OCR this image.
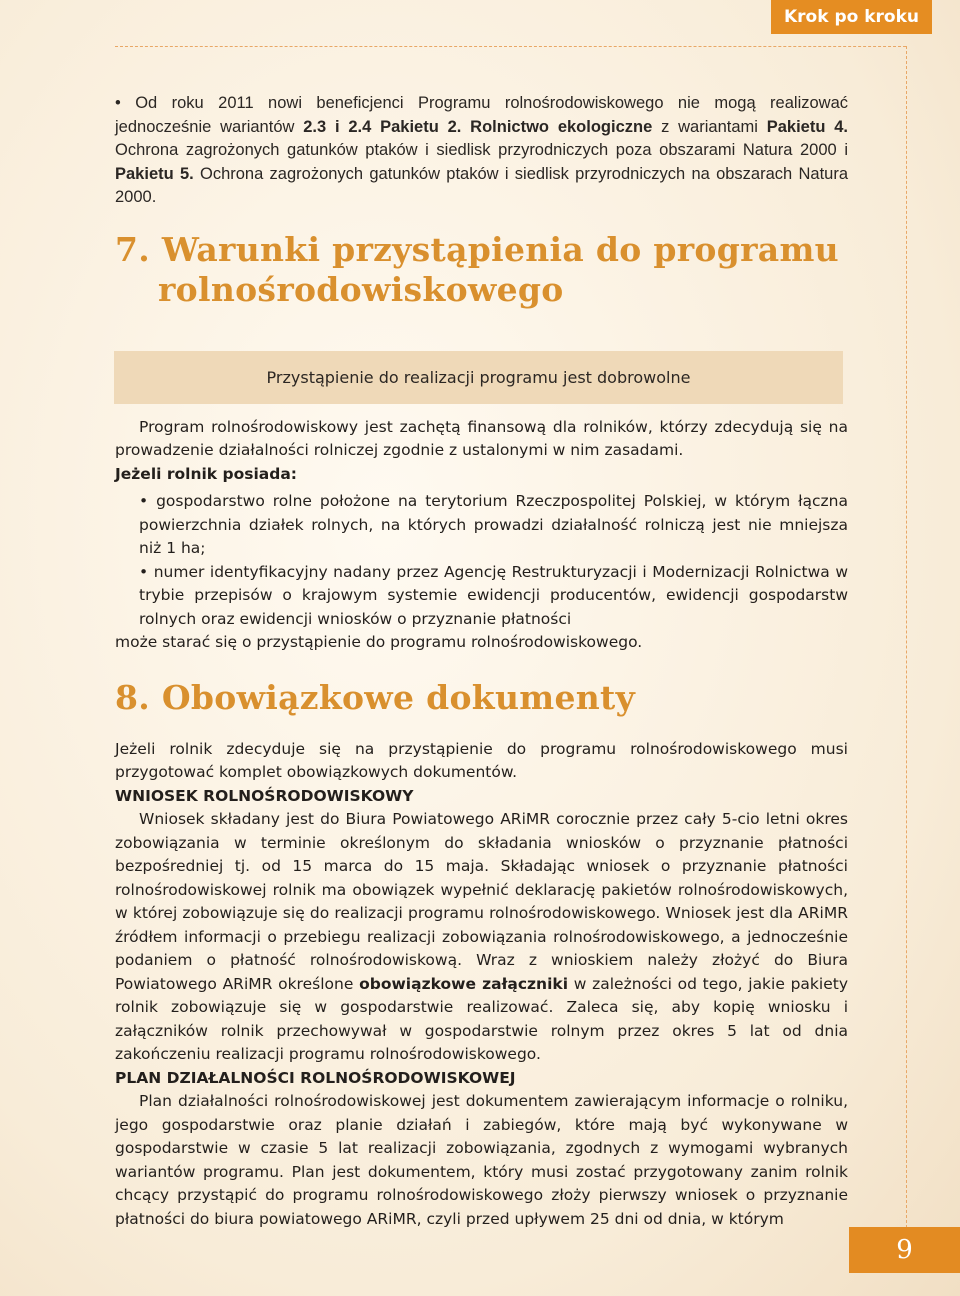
Krok po kroku

• Od roku 2011 nowi beneficjenci Programu rolnośrodowiskowego nie mogą realizować jednocześnie wariantów 2.3 i 2.4 Pakietu 2. Rolnictwo ekologiczne z wariantami Pakietu 4. Ochrona zagrożonych gatunków ptaków i siedlisk przyrodniczych poza obszarami Natura 2000 i Pakietu 5. Ochrona zagrożonych gatunków ptaków i siedlisk przyrodniczych na obszarach Natura 2000.

7. Warunki przystąpienia do programu
rolnośrodowiskowego
Przystąpienie do realizacji programu jest dobrowolne

Program rolnośrodowiskowy jest zachętą finansową dla rolników, którzy zdecydują się na prowadzenie działalności rolniczej zgodnie z ustalonymi w nim zasadami.

Jeżeli rolnik posiada:

• gospodarstwo rolne położone na terytorium Rzeczpospolitej Polskiej, w którym łączna powierzchnia działek rolnych, na których prowadzi działalność rolniczą jest nie mniejsza niż 1 ha;

• numer identyfikacyjny nadany przez Agencję Restrukturyzacji i Modernizacji Rolnictwa w trybie przepisów o krajowym systemie ewidencji producentów, ewidencji gospodarstw rolnych oraz ewidencji wniosków o przyznanie płatności

może starać się o przystąpienie do programu rolnośrodowiskowego.

8. Obowiązkowe dokumenty

Jeżeli rolnik zdecyduje się na przystąpienie do programu rolnośrodowiskowego musi przygotować komplet obowiązkowych dokumentów.

WNIOSEK ROLNOŚRODOWISKOWY

Wniosek składany jest do Biura Powiatowego ARiMR corocznie przez cały 5-cio letni okres zobowiązania w terminie określonym do składania wniosków o przyznanie płatności bezpośredniej tj. od 15 marca do 15 maja. Składając wniosek o przyznanie płatności rolnośrodowiskowej rolnik ma obowiązek wypełnić deklarację pakietów rolnośrodowiskowych, w której zobowiązuje się do realizacji programu rolnośrodowiskowego. Wniosek jest dla ARiMR źródłem informacji o przebiegu realizacji zobowiązania rolnośrodowiskowego, a jednocześnie podaniem o płatność rolnośrodowiskową. Wraz z wnioskiem należy złożyć do Biura Powiatowego ARiMR określone obowiązkowe załączniki w zależności od tego, jakie pakiety rolnik zobowiązuje się w gospodarstwie realizować. Zaleca się, aby kopię wniosku i załączników rolnik przechowywał w gospodarstwie rolnym przez okres 5 lat od dnia zakończeniu realizacji programu rolnośrodowiskowego.

PLAN DZIAŁALNOŚCI ROLNOŚRODOWISKOWEJ

Plan działalności rolnośrodowiskowej jest dokumentem zawierającym informacje o rolniku, jego gospodarstwie oraz planie działań i zabiegów, które mają być wykonywane w gospodarstwie w czasie 5 lat realizacji zobowiązania, zgodnych z wymogami wybranych wariantów programu. Plan jest dokumentem, który musi zostać przygotowany zanim rolnik chcący przystąpić do programu rolnośrodowiskowego złoży pierwszy wniosek o przyznanie płatności do biura powiatowego ARiMR, czyli przed upływem 25 dni od dnia, w którym

9
